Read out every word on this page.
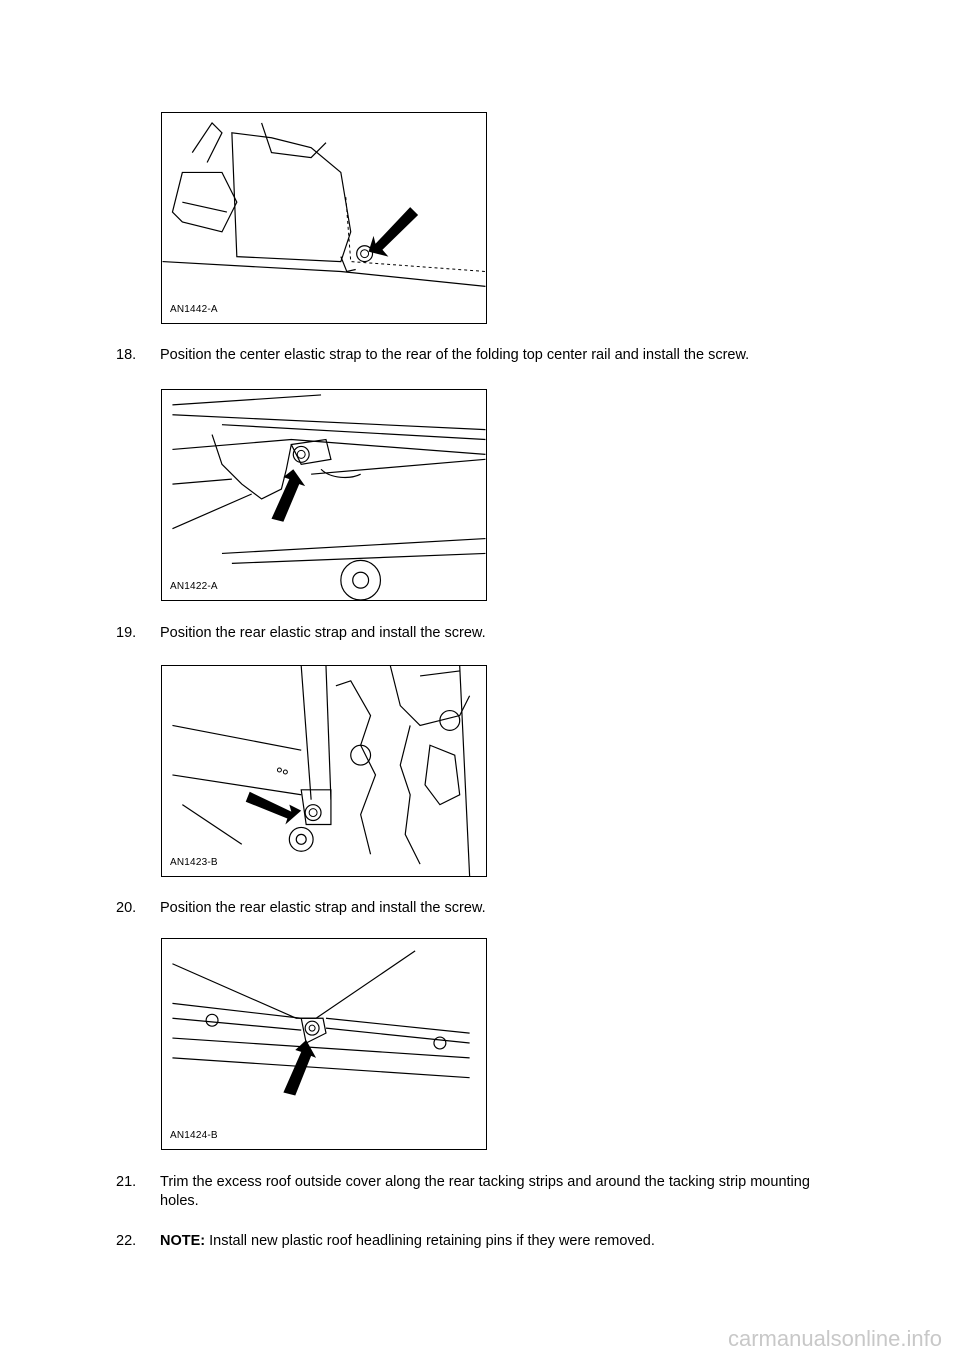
AN1442-A
18.	Position the center elastic strap to the rear of the folding top center rail and install the screw.
AN1422-A
19.	Position the rear elastic strap and install the screw.
AN1423-B
20.	Position the rear elastic strap and install the screw.
AN1424-B
21.	Trim the excess roof outside cover along the rear tacking strips and around the tacking strip mounting holes.
22.	NOTE: Install new plastic roof headlining retaining pins if they were removed.
carmanualsonline.info
